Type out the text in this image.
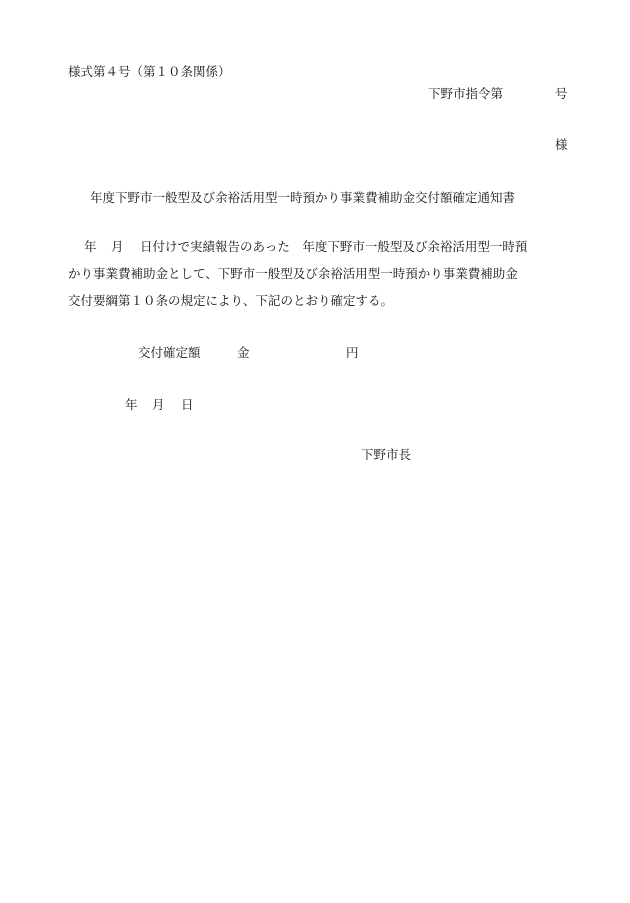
様式第４号（第１０条関係）
下野市指令第	号
様
年度下野市一般型及び余裕活用型一時預かり事業費補助金交付額確定通知書
年 月 日付けで実績報告のあった　年度下野市一般型及び余裕活用型一時預
かり事業費補助金として、下野市一般型及び余裕活用型一時預かり事業費補助金
交付要綱第１０条の規定により、下記のとおり確定する。
交付確定額	金	円
年 月 日
下野市長
